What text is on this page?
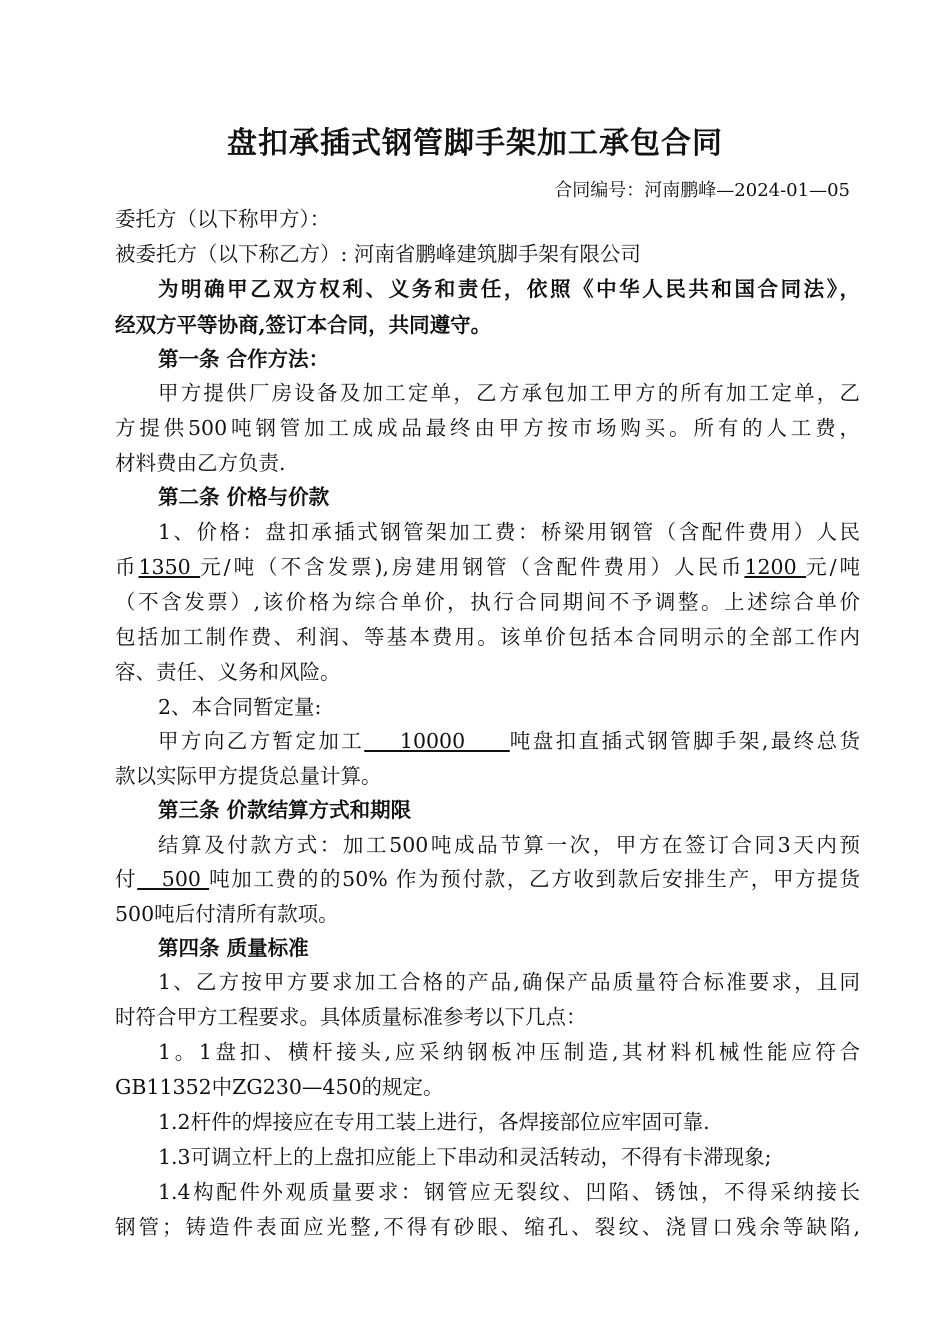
盘扣承插式钢管脚手架加工承包合同
合同编号：河南鹏峰—2024-01—05
委托方（以下称甲方）：
被委托方（以下称乙方）: 河南省鹏峰建筑脚手架有限公司
为明确甲乙双方权利、义务和责任，依照《中华人民共和国合同法》，
经双方平等协商,签订本合同，共同遵守。
第一条 合作方法：
甲方提供厂房设备及加工定单，乙方承包加工甲方的所有加工定单，乙
方提供500吨钢管加工成成品最终由甲方按市场购买。所有的人工费，
材料费由乙方负责.
第二条 价格与价款
1、价格：盘扣承插式钢管架加工费：桥梁用钢管（含配件费用）人民
币1350 元/吨（不含发票),房建用钢管（含配件费用）人民币1200 元/吨
（不含发票）,该价格为综合单价，执行合同期间不予调整。上述综合单价
包括加工制作费、利润、等基本费用。该单价包括本合同明示的全部工作内
容、责任、义务和风险。
2、本合同暂定量:
甲方向乙方暂定加工    10000     吨盘扣直插式钢管脚手架,最终总货
款以实际甲方提货总量计算。
第三条 价款结算方式和期限
结算及付款方式：加工500吨成品节算一次，甲方在签订合同3天内预
付   500 吨加工费的的50% 作为预付款，乙方收到款后安排生产，甲方提货
500吨后付清所有款项。
第四条 质量标准
1、乙方按甲方要求加工合格的产品,确保产品质量符合标准要求，且同
时符合甲方工程要求。具体质量标准参考以下几点：
1。1盘扣、横杆接头,应采纳钢板冲压制造,其材料机械性能应符合
GB11352中ZG230—450的规定。
1.2杆件的焊接应在专用工装上进行，各焊接部位应牢固可靠.
1.3可调立杆上的上盘扣应能上下串动和灵活转动，不得有卡滞现象;
1.4构配件外观质量要求：钢管应无裂纹、凹陷、锈蚀，不得采纳接长
钢管；铸造件表面应光整,不得有砂眼、缩孔、裂纹、浇冒口残余等缺陷,
